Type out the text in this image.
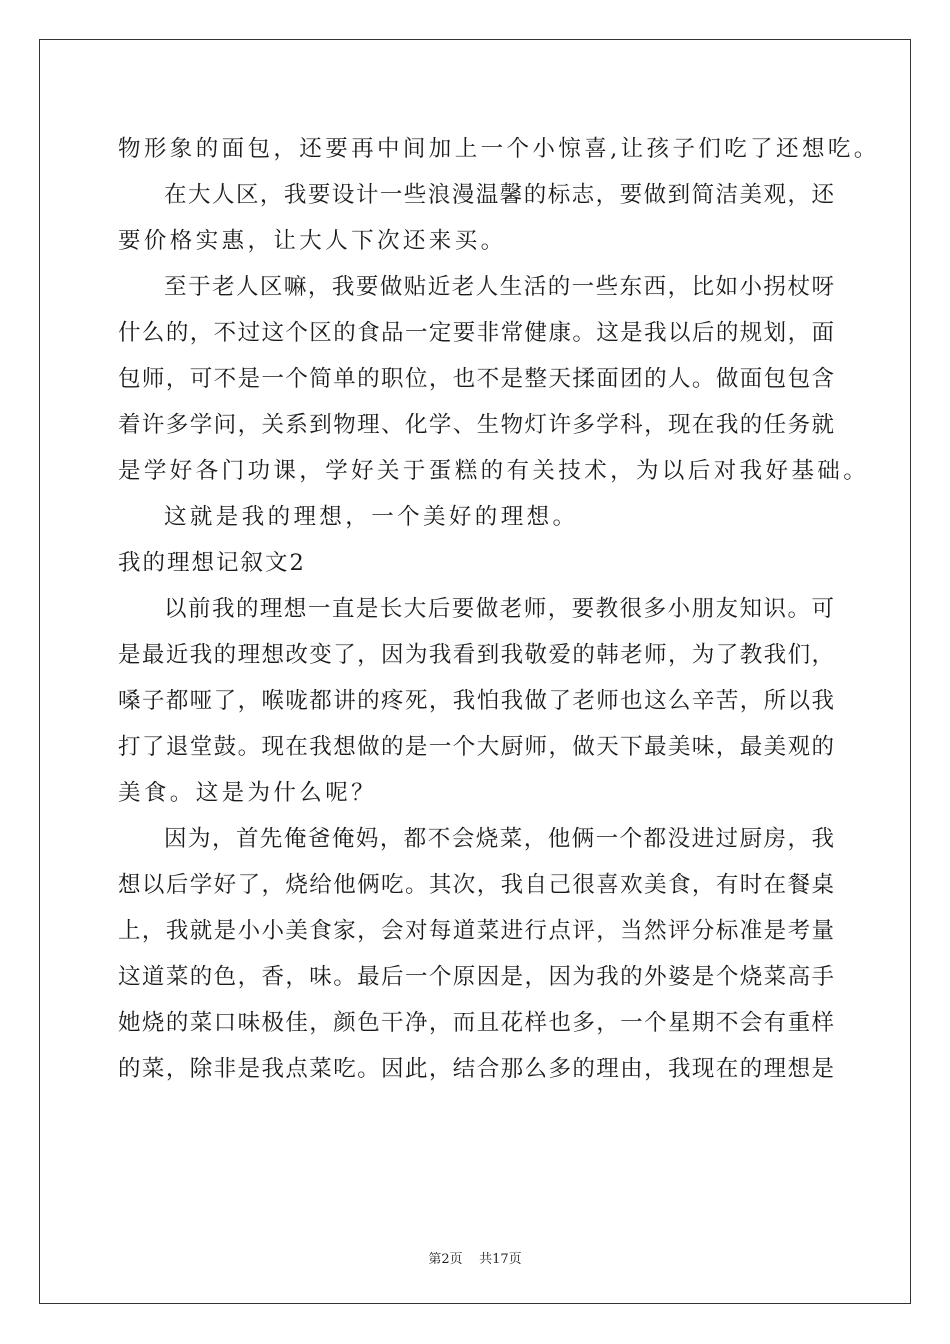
物形象的面包，还要再中间加上一个小惊喜,让孩子们吃了还想吃。
在大人区，我要设计一些浪漫温馨的标志，要做到简洁美观，还
要价格实惠，让大人下次还来买。
至于老人区嘛，我要做贴近老人生活的一些东西，比如小拐杖呀
什么的，不过这个区的食品一定要非常健康。这是我以后的规划，面
包师，可不是一个简单的职位，也不是整天揉面团的人。做面包包含
着许多学问，关系到物理、化学、生物灯许多学科，现在我的任务就
是学好各门功课，学好关于蛋糕的有关技术，为以后对我好基础。
这就是我的理想，一个美好的理想。
我的理想记叙文2
以前我的理想一直是长大后要做老师，要教很多小朋友知识。可
是最近我的理想改变了，因为我看到我敬爱的韩老师，为了教我们，
嗓子都哑了，喉咙都讲的疼死，我怕我做了老师也这么辛苦，所以我
打了退堂鼓。现在我想做的是一个大厨师，做天下最美味，最美观的
美食。这是为什么呢？
因为，首先俺爸俺妈，都不会烧菜，他俩一个都没进过厨房，我
想以后学好了，烧给他俩吃。其次，我自己很喜欢美食，有时在餐桌
上，我就是小小美食家，会对每道菜进行点评，当然评分标准是考量
这道菜的色，香，味。最后一个原因是，因为我的外婆是个烧菜高手
她烧的菜口味极佳，颜色干净，而且花样也多，一个星期不会有重样
的菜，除非是我点菜吃。因此，结合那么多的理由，我现在的理想是
第2页 共17页
